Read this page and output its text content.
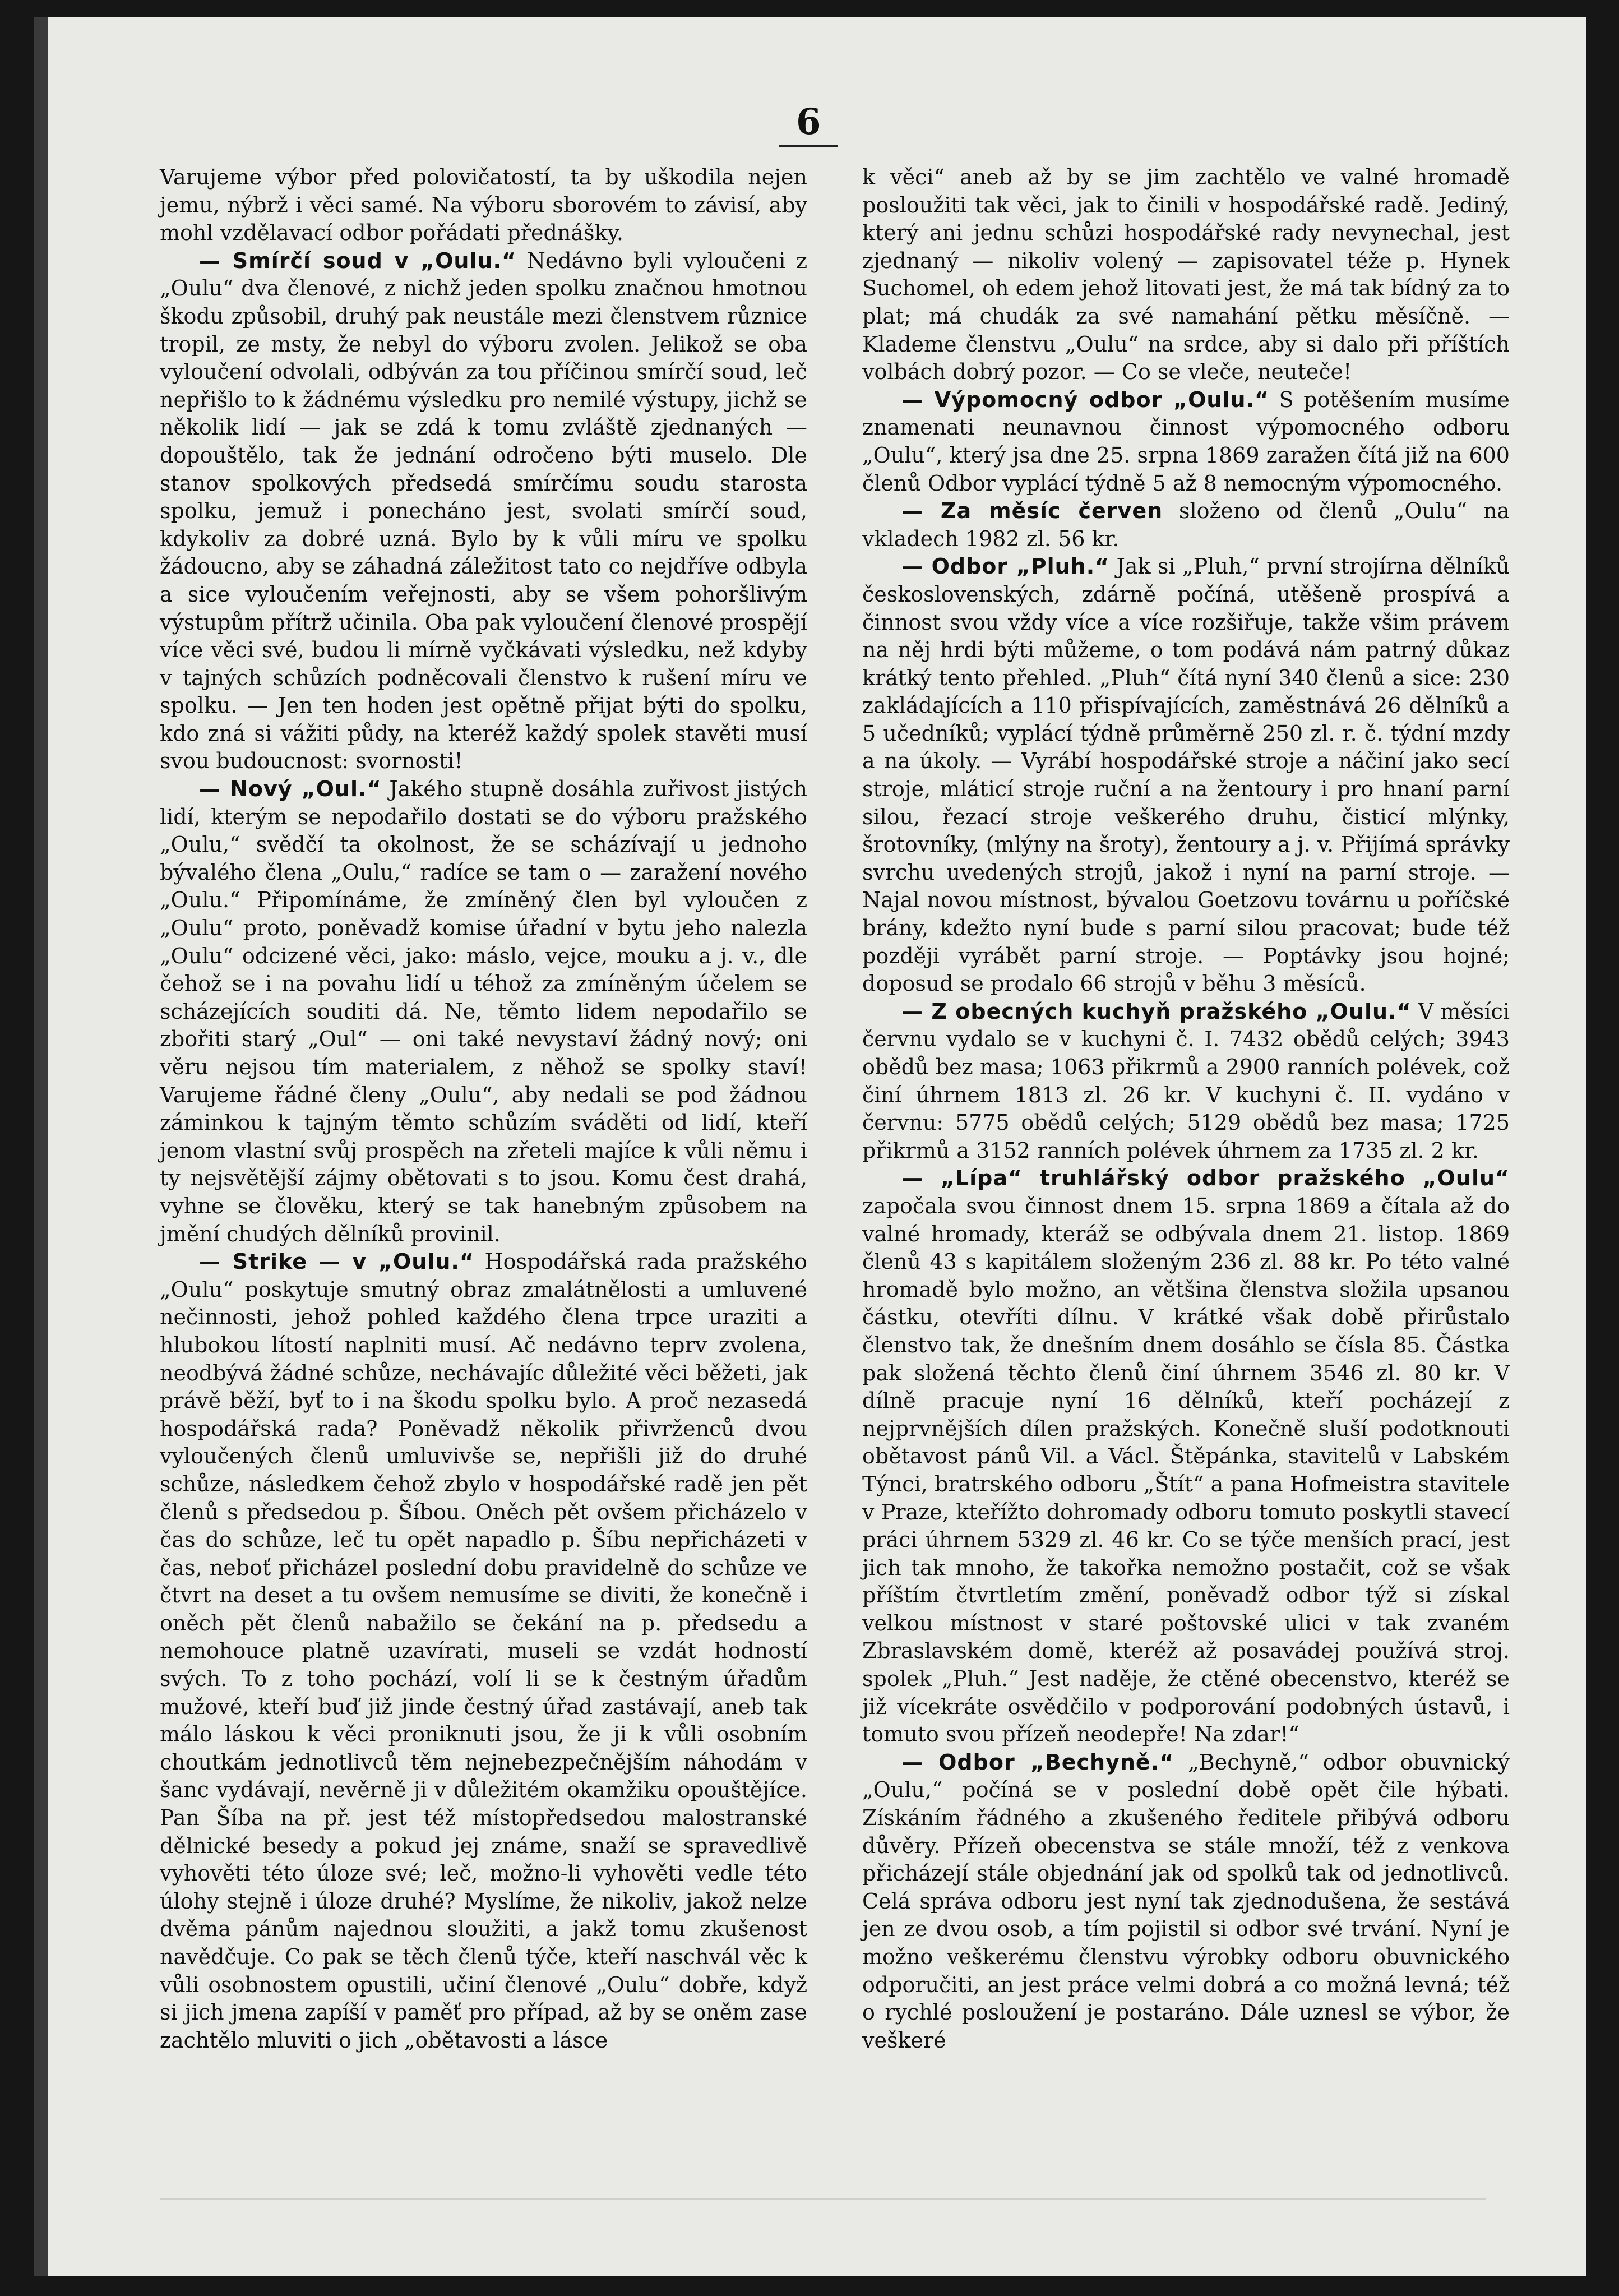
6

Varujeme výbor před polovičatostí, ta by uškodila nejen jemu, nýbrž i věci samé. Na výboru sborovém to závisí, aby mohl vzdělavací odbor pořádati přednášky.

— Smírčí soud v „Oulu.“ Nedávno byli vyloučeni z „Oulu“ dva členové, z nichž jeden spolku značnou hmotnou škodu způsobil, druhý pak neustále mezi členstvem různice tropil, ze msty, že nebyl do výboru zvolen. Jelikož se oba vyloučení odvolali, odbýván za tou příčinou smírčí soud, leč nepřišlo to k žádnému výsledku pro nemilé výstupy, jichž se několik lidí — jak se zdá k tomu zvláště zjednaných — dopouštělo, tak že jednání odročeno býti muselo. Dle stanov spolkových předsedá smírčímu soudu starosta spolku, jemuž i ponecháno jest, svolati smírčí soud, kdykoliv za dobré uzná. Bylo by k vůli míru ve spolku žádoucno, aby se záhadná záležitost tato co nejdříve odbyla a sice vyloučením veřejnosti, aby se všem pohoršlivým výstupům přítrž učinila. Oba pak vyloučení členové prospějí více věci své, budou li mírně vyčkávati výsledku, než kdyby v tajných schůzích podněcovali členstvo k rušení míru ve spolku. — Jen ten hoden jest opětně přijat býti do spolku, kdo zná si vážiti půdy, na kteréž každý spolek stavěti musí svou budoucnost: svornosti!

— Nový „Oul.“ Jakého stupně dosáhla zuřivost jistých lidí, kterým se nepodařilo dostati se do výboru pražského „Oulu,“ svědčí ta okolnost, že se scházívají u jednoho bývalého člena „Oulu,“ radíce se tam o — zaražení nového „Oulu.“ Připomínáme, že zmíněný člen byl vyloučen z „Oulu“ proto, poněvadž komise úřadní v bytu jeho nalezla „Oulu“ odcizené věci, jako: máslo, vejce, mouku a j. v., dle čehož se i na povahu lidí u téhož za zmíněným účelem se scházejících souditi dá. Ne, těmto lidem nepodařilo se zbořiti starý „Oul“ — oni také nevystaví žádný nový; oni věru nejsou tím materialem, z něhož se spolky staví! Varujeme řádné členy „Oulu“, aby nedali se pod žádnou záminkou k tajným těmto schůzím sváděti od lidí, kteří jenom vlastní svůj prospěch na zřeteli majíce k vůli němu i ty nejsvětější zájmy obětovati s to jsou. Komu čest drahá, vyhne se člověku, který se tak hanebným způsobem na jmění chudých dělníků provinil.

— Strike — v „Oulu.“ Hospodářská rada pražského „Oulu“ poskytuje smutný obraz zmalátnělosti a umluvené nečinnosti, jehož pohled každého člena trpce uraziti a hlubokou lítostí naplniti musí. Ač nedávno teprv zvolena, neodbývá žádné schůze, nechávajíc důležité věci běžeti, jak právě běží, byť to i na škodu spolku bylo. A proč nezasedá hospodářská rada? Poněvadž několik přivrženců dvou vyloučených členů umluvivše se, nepřišli již do druhé schůze, následkem čehož zbylo v hospodářské radě jen pět členů s předsedou p. Šíbou. Oněch pět ovšem přicházelo v čas do schůze, leč tu opět napadlo p. Šíbu nepřicházeti v čas, neboť přicházel poslední dobu pravidelně do schůze ve čtvrt na deset a tu ovšem nemusíme se diviti, že konečně i oněch pět členů nabažilo se čekání na p. předsedu a nemohouce platně uzavírati, museli se vzdát hodností svých. To z toho pochází, volí li se k čestným úřadům mužové, kteří buď již jinde čestný úřad zastávají, aneb tak málo láskou k věci proniknuti jsou, že ji k vůli osobním choutkám jednotlivců těm nejnebezpečnějším náhodám v šanc vydávají, nevěrně ji v důležitém okamžiku opouštějíce. Pan Šíba na př. jest též místopředsedou malostranské dělnické besedy a pokud jej známe, snaží se spravedlivě vyhověti této úloze své; leč, možno-li vyhověti vedle této úlohy stejně i úloze druhé? Myslíme, že nikoliv, jakož nelze dvěma pánům najednou sloužiti, a jakž tomu zkušenost navědčuje. Co pak se těch členů týče, kteří naschvál věc k vůli osobnostem opustili, učiní členové „Oulu“ dobře, když si jich jmena zapíší v paměť pro případ, až by se oněm zase zachtělo mluviti o jich „obětavosti a lásce

k věci“ aneb až by se jim zachtělo ve valné hromadě posloužiti tak věci, jak to činili v hospodářské radě. Jediný, který ani jednu schůzi hospodářské rady nevynechal, jest zjednaný — nikoliv volený — zapisovatel téže p. Hynek Suchomel, oh edem jehož litovati jest, že má tak bídný za to plat; má chudák za své namahání pětku měsíčně. — Klademe členstvu „Oulu“ na srdce, aby si dalo při příštích volbách dobrý pozor. — Co se vleče, neuteče!

— Výpomocný odbor „Oulu.“ S potěšením musíme znamenati neunavnou činnost výpomocného odboru „Oulu“, který jsa dne 25. srpna 1869 zaražen čítá již na 600 členů Odbor vyplácí týdně 5 až 8 nemocným výpomocného.

— Za měsíc červen složeno od členů „Oulu“ na vkladech 1982 zl. 56 kr.

— Odbor „Pluh.“ Jak si „Pluh,“ první strojírna dělníků československých, zdárně počíná, utěšeně prospívá a činnost svou vždy více a více rozšiřuje, takže všim právem na něj hrdi býti můžeme, o tom podává nám patrný důkaz krátký tento přehled. „Pluh“ čítá nyní 340 členů a sice: 230 zakládajících a 110 přispívajících, zaměstnává 26 dělníků a 5 učedníků; vyplácí týdně průměrně 250 zl. r. č. týdní mzdy a na úkoly. — Vyrábí hospodářské stroje a náčiní jako secí stroje, mláticí stroje ruční a na žentoury i pro hnaní parní silou, řezací stroje veškerého druhu, čisticí mlýnky, šrotovníky, (mlýny na šroty), žentoury a j. v. Přijímá správky svrchu uvedených strojů, jakož i nyní na parní stroje. — Najal novou místnost, bývalou Goetzovu továrnu u poříčské brány, kdežto nyní bude s parní silou pracovat; bude též později vyrábět parní stroje. — Poptávky jsou hojné; doposud se prodalo 66 strojů v běhu 3 měsíců.

— Z obecných kuchyň pražského „Oulu.“ V měsíci červnu vydalo se v kuchyni č. I. 7432 obědů celých; 3943 obědů bez masa; 1063 přikrmů a 2900 ranních polévek, což činí úhrnem 1813 zl. 26 kr. V kuchyni č. II. vydáno v červnu: 5775 obědů celých; 5129 obědů bez masa; 1725 přikrmů a 3152 ranních polévek úhrnem za 1735 zl. 2 kr.

— „Lípa“ truhlářský odbor pražského „Oulu“ započala svou činnost dnem 15. srpna 1869 a čítala až do valné hromady, kteráž se odbývala dnem 21. listop. 1869 členů 43 s kapitálem složeným 236 zl. 88 kr. Po této valné hromadě bylo možno, an většina členstva složila upsanou částku, otevříti dílnu. V krátké však době přirůstalo členstvo tak, že dnešním dnem dosáhlo se čísla 85. Částka pak složená těchto členů činí úhrnem 3546 zl. 80 kr. V dílně pracuje nyní 16 dělníků, kteří pocházejí z nejprvnějších dílen pražských. Konečně sluší podotknouti obětavost pánů Vil. a Václ. Štěpánka, stavitelů v Labském Týnci, bratrského odboru „Štít“ a pana Hofmeistra stavitele v Praze, kteřížto dohromady odboru tomuto poskytli stavecí práci úhrnem 5329 zl. 46 kr. Co se týče menších prací, jest jich tak mnoho, že takořka nemožno postačit, což se však příštím čtvrtletím změní, poněvadž odbor týž si získal velkou místnost v staré poštovské ulici v tak zvaném Zbraslavském domě, kteréž až posavádej používá stroj. spolek „Pluh.“ Jest naděje, že ctěné obecenstvo, kteréž se již vícekráte osvědčilo v podporování podobných ústavů, i tomuto svou přízeň neodepře! Na zdar!“

— Odbor „Bechyně.“ „Bechyně,“ odbor obuvnický „Oulu,“ počíná se v poslední době opět čile hýbati. Získáním řádného a zkušeného ředitele přibývá odboru důvěry. Přízeň obecenstva se stále množí, též z venkova přicházejí stále objednání jak od spolků tak od jednotlivců. Celá správa odboru jest nyní tak zjednodušena, že sestává jen ze dvou osob, a tím pojistil si odbor své trvání. Nyní je možno veškerému členstvu výrobky odboru obuvnického odporučiti, an jest práce velmi dobrá a co možná levná; též o rychlé posloužení je postaráno. Dále uznesl se výbor, že veškeré
